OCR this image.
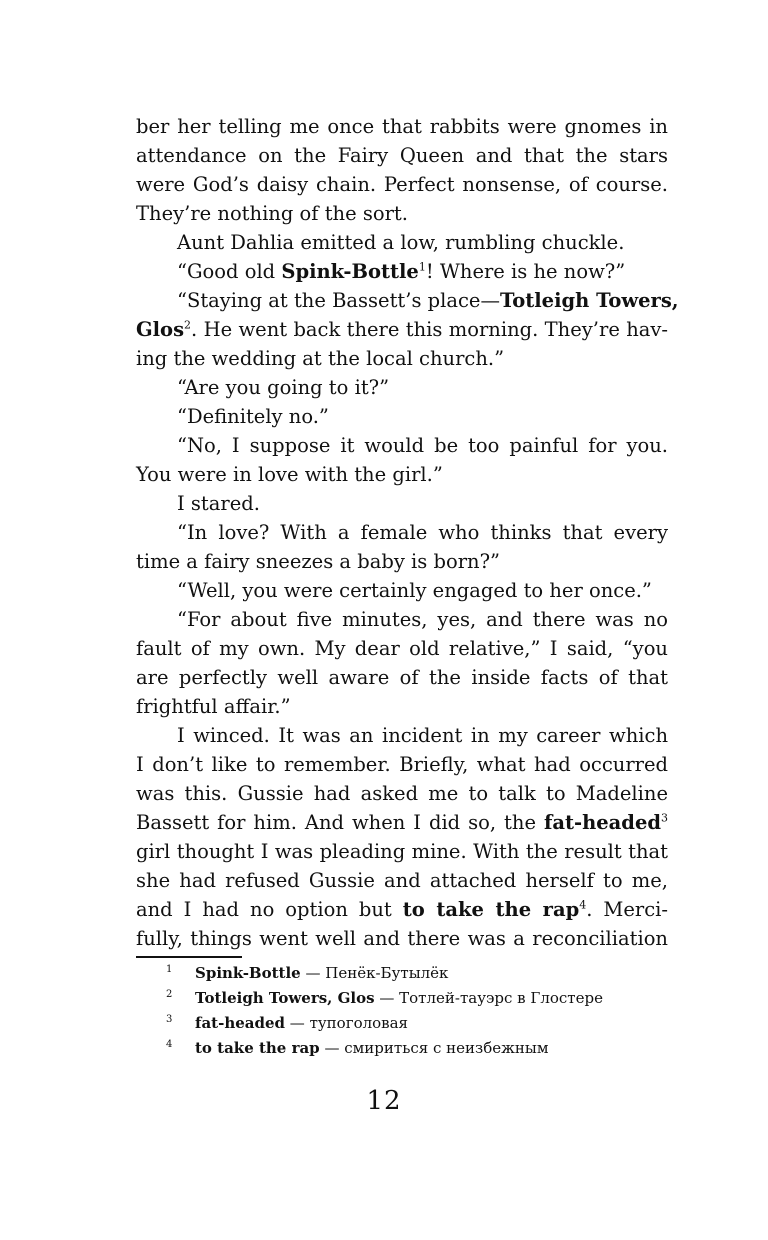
ber her telling me once that rabbits were gnomes in
attendance on the Fairy Queen and that the stars
were God’s daisy chain. Perfect nonsense, of course.
They’re nothing of the sort.
Aunt Dahlia emitted a low, rumbling chuckle.
“Good old Spink-Bottle$^1$! Where is he now?”
“Staying at the Bassett’s place—Totleigh Towers,
Glos$^2$. He went back there this morning. They’re hav-
ing the wedding at the local church.”
“Are you going to it?”
“Definitely no.”
“No, I suppose it would be too painful for you.
You were in love with the girl.”
I stared.
“In love? With a female who thinks that every
time a fairy sneezes a baby is born?”
“Well, you were certainly engaged to her once.”
“For about five minutes, yes, and there was no
fault of my own. My dear old relative,” I said, “you
are perfectly well aware of the inside facts of that
frightful affair.”
I winced. It was an incident in my career which
I don’t like to remember. Briefly, what had occurred
was this. Gussie had asked me to talk to Madeline
Bassett for him. And when I did so, the fat-headed$^3$
girl thought I was pleading mine. With the result that
she had refused Gussie and attached herself to me,
and I had no option but to take the rap$^4$. Merci-
fully, things went well and there was a reconciliation
1 Spink-Bottle — Пенёк-Бутылёк
2 Totleigh Towers, Glos — Тотлей-тауэрс в Глостере
3 fat-headed — тупоголовая
4 to take the rap — смириться с неизбежным
12
